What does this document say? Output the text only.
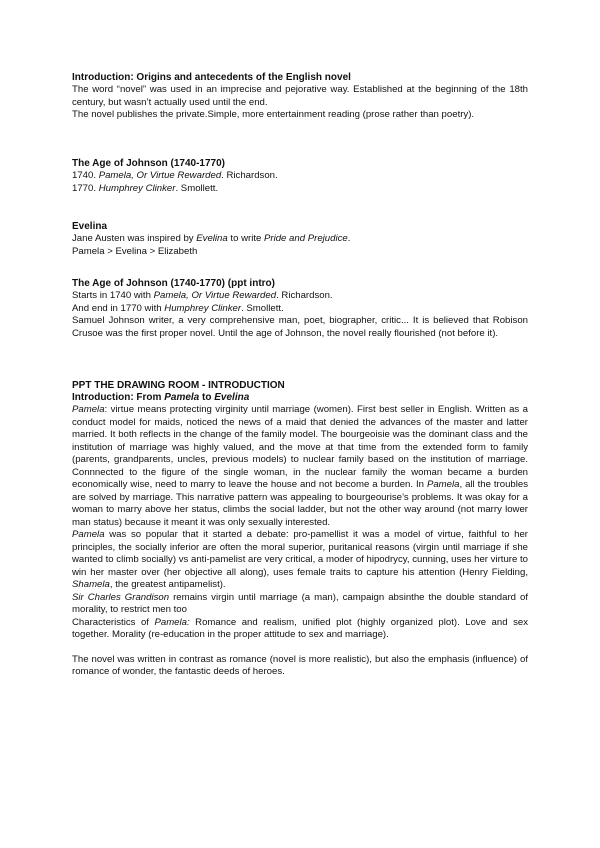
Introduction: Origins and antecedents of the English novel

The word “novel” was used in an imprecise and pejorative way. Established at the beginning of the 18th century, but wasn’t actually used until the end.

The novel publishes the private.Simple, more entertainment reading (prose rather than poetry).

The Age of Johnson (1740-1770)

1740. Pamela, Or Virtue Rewarded. Richardson.

1770. Humphrey Clinker. Smollett.

Evelina

Jane Austen was inspired by Evelina to write Pride and Prejudice.

Pamela > Evelina > Elizabeth

The Age of Johnson (1740-1770) (ppt intro)

Starts in 1740 with Pamela, Or Virtue Rewarded. Richardson.

And end in 1770 with Humphrey Clinker. Smollett.

Samuel Johnson writer, a very comprehensive man, poet, biographer, critic... It is believed that Robison Crusoe was the first proper novel. Until the age of Johnson, the novel really flourished (not before it).

PPT THE DRAWING ROOM - INTRODUCTION

Introduction: From Pamela to Evelina

Pamela: virtue means protecting virginity until marriage (women). First best seller in English. Written as a conduct model for maids, noticed the news of a maid that denied the advances of the master and latter married. It both reflects in the change of the family model. The bourgeoisie was the dominant class and the institution of marriage was highly valued, and the move at that time from the extended form to family (parents, grandparents, uncles, previous models) to nuclear family based on the institution of marriage. Connnected to the figure of the single woman, in the nuclear family the woman became a burden economically wise, need to marry to leave the house and not become a burden. In Pamela, all the troubles are solved by marriage. This narrative pattern was appealing to bourgeourise’s problems. It was okay for a woman to marry above her status, climbs the social ladder, but not the other way around (not marry lower man status) because it meant it was only sexually interested.

Pamela was so popular that it started a debate: pro-pamellist it was a model of virtue, faithful to her principles, the socially inferior are often the moral superior, puritanical reasons (virgin until marriage if she wanted to climb socially) vs anti-pamelist are very critical, a moder of hipodrycy, cunning, uses her virture to win her master over (her objective all along), uses female traits to capture his attention (Henry Fielding, Shamela, the greatest antipamelist).

Sir Charles Grandison remains virgin until marriage (a man), campaign absinthe the double standard of morality, to restrict men too

Characteristics of Pamela: Romance and realism, unified plot (highly organized plot). Love and sex together. Morality (re-education in the proper attitude to sex and marriage).

The novel was written in contrast as romance (novel is more realistic), but also the emphasis (influence) of romance of wonder, the fantastic deeds of heroes.
